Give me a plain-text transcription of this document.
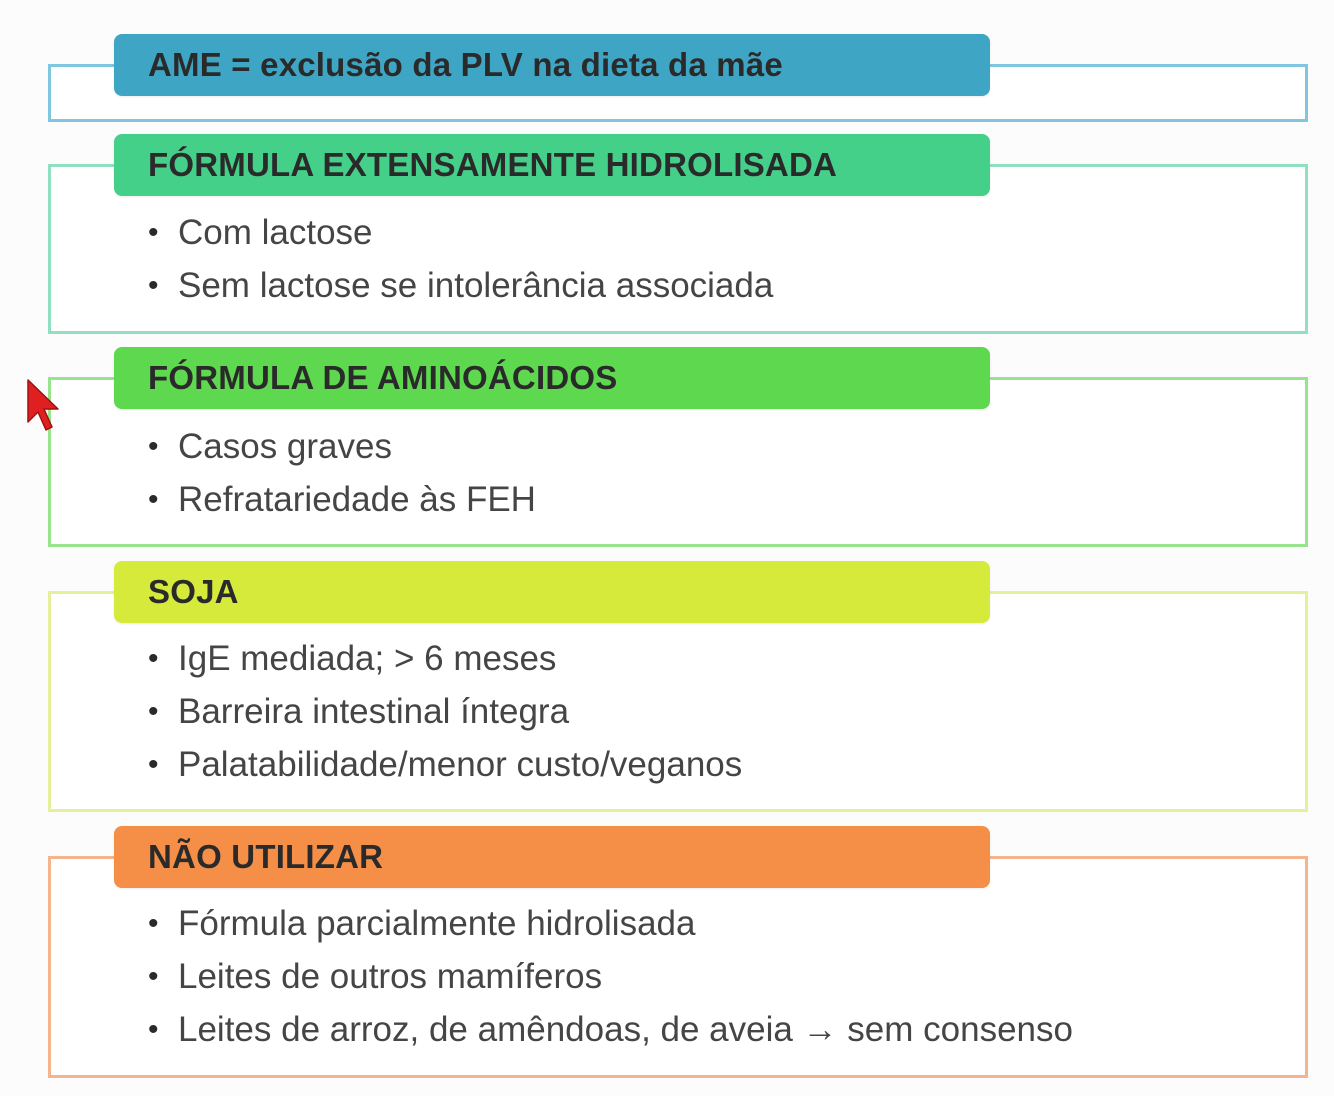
AME = exclusão da PLV na dieta da mãe
FÓRMULA EXTENSAMENTE HIDROLISADA
• Com lactose
• Sem lactose se intolerância associada
FÓRMULA DE AMINOÁCIDOS
• Casos graves
• Refratariedade às FEH
SOJA
• IgE mediada; > 6 meses
• Barreira intestinal íntegra
• Palatabilidade/menor custo/veganos
NÃO UTILIZAR
• Fórmula parcialmente hidrolisada
• Leites de outros mamíferos
• Leites de arroz, de amêndoas, de aveia → sem consenso
